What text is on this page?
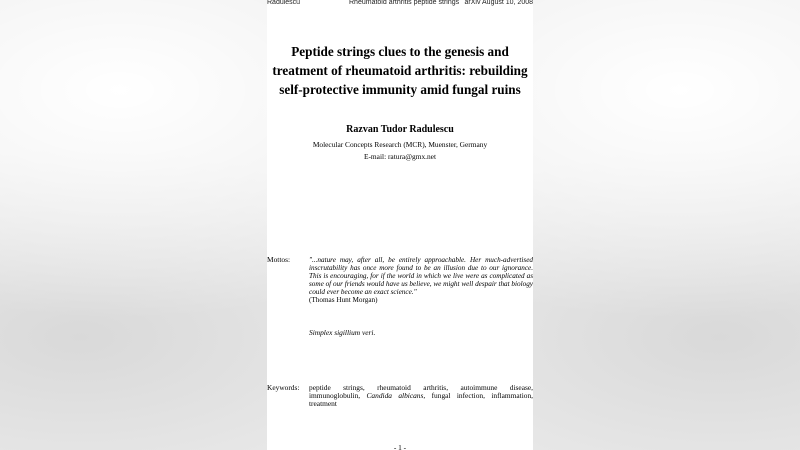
Radulescu	Rheumatoid arthritis peptide strings arXiv August 10, 2008
Peptide strings clues to the genesis and
treatment of rheumatoid arthritis: rebuilding
self-protective immunity amid fungal ruins
Razvan Tudor Radulescu
Molecular Concepts Research (MCR), Muenster, Germany
E-mail: ratura@gmx.net
Mottos:	"...nature may, after all, be entirely approachable. Her much-advertised inscrutability has once more found to be an illusion due to our ignorance. This is encouraging, for if the world in which we live were as complicated as some of our friends would have us believe, we might well despair that biology could ever become an exact science."
(Thomas Hunt Morgan)
Simplex sigillium veri.
Keywords: peptide strings, rheumatoid arthritis, autoimmune disease, immunoglobulin, Candida albicans, fungal infection, inflammation, treatment
- 1 -
